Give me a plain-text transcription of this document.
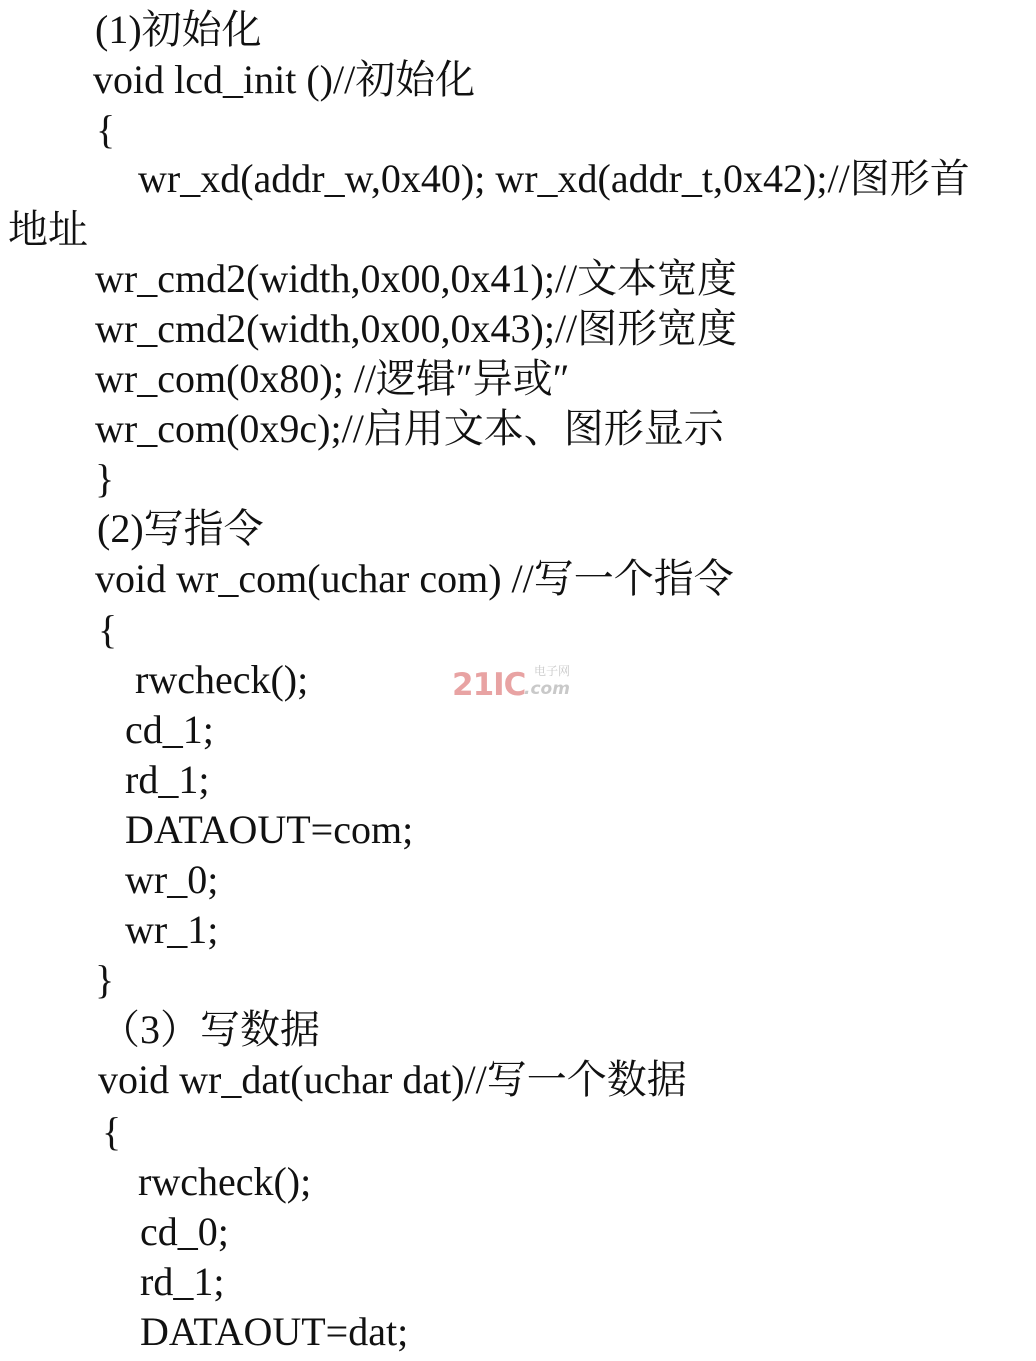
(1)初始化
void lcd_init ()//初始化
{
wr_xd(addr_w,0x40); wr_xd(addr_t,0x42);//图形首
地址
wr_cmd2(width,0x00,0x41);//文本宽度
wr_cmd2(width,0x00,0x43);//图形宽度
wr_com(0x80); //逻辑″异或″
wr_com(0x9c);//启用文本、图形显示
}
(2)写指令
void wr_com(uchar com) //写一个指令
{
rwcheck();
cd_1;
rd_1;
DATAOUT=com;
wr_0;
wr_1;
}
（3）写数据
void wr_dat(uchar dat)//写一个数据
{
rwcheck();
cd_0;
rd_1;
DATAOUT=dat;
21IC 电子网
.com
